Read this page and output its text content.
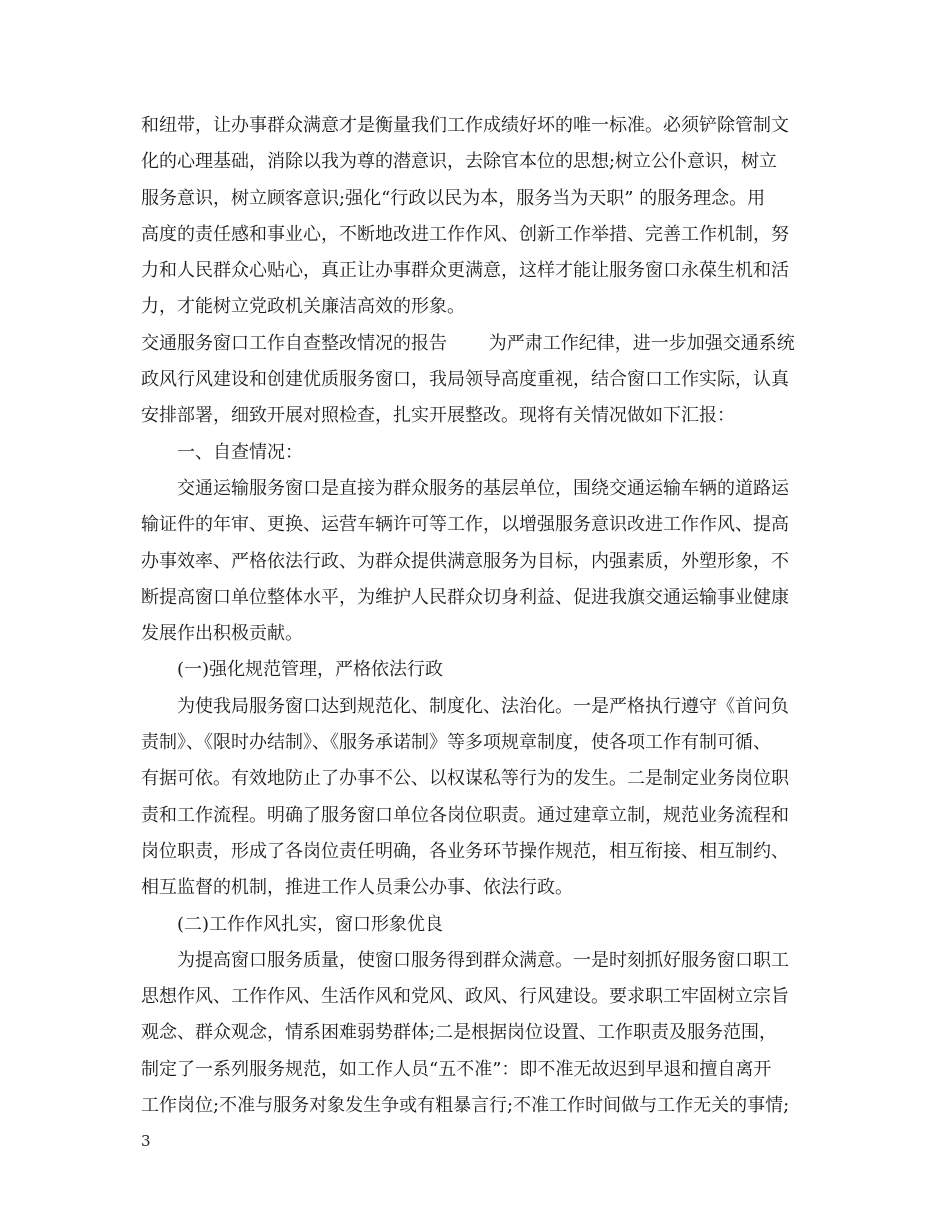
和纽带，让办事群众满意才是衡量我们工作成绩好坏的唯一标准。必须铲除管制文
化的心理基础，消除以我为尊的潜意识，去除官本位的思想;树立公仆意识，树立
服务意识，树立顾客意识;强化“行政以民为本，服务当为天职” 的服务理念。用
高度的责任感和事业心，不断地改进工作作风、创新工作举措、完善工作机制，努
力和人民群众心贴心，真正让办事群众更满意，这样才能让服务窗口永葆生机和活
力，才能树立党政机关廉洁高效的形象。
交通服务窗口工作自查整改情况的报告 　　为严肃工作纪律，进一步加强交通系统
政风行风建设和创建优质服务窗口，我局领导高度重视，结合窗口工作实际，认真
安排部署，细致开展对照检查，扎实开展整改。现将有关情况做如下汇报：
一、自查情况：
交通运输服务窗口是直接为群众服务的基层单位，围绕交通运输车辆的道路运
输证件的年审、更换、运营车辆许可等工作，以增强服务意识改进工作作风、提高
办事效率、严格依法行政、为群众提供满意服务为目标，内强素质，外塑形象，不
断提高窗口单位整体水平，为维护人民群众切身利益、促进我旗交通运输事业健康
发展作出积极贡献。
(一)强化规范管理，严格依法行政
为使我局服务窗口达到规范化、制度化、法治化。一是严格执行遵守《首问负
责制》、《限时办结制》、《服务承诺制》等多项规章制度，使各项工作有制可循、
有据可依。有效地防止了办事不公、以权谋私等行为的发生。二是制定业务岗位职
责和工作流程。明确了服务窗口单位各岗位职责。通过建章立制，规范业务流程和
岗位职责，形成了各岗位责任明确，各业务环节操作规范，相互衔接、相互制约、
相互监督的机制，推进工作人员秉公办事、依法行政。
(二)工作作风扎实，窗口形象优良
为提高窗口服务质量，使窗口服务得到群众满意。一是时刻抓好服务窗口职工
思想作风、工作作风、生活作风和党风、政风、行风建设。要求职工牢固树立宗旨
观念、群众观念，情系困难弱势群体;二是根据岗位设置、工作职责及服务范围，
制定了一系列服务规范，如工作人员“五不准”：即不准无故迟到早退和擅自离开
工作岗位;不准与服务对象发生争或有粗暴言行;不准工作时间做与工作无关的事情;
3
